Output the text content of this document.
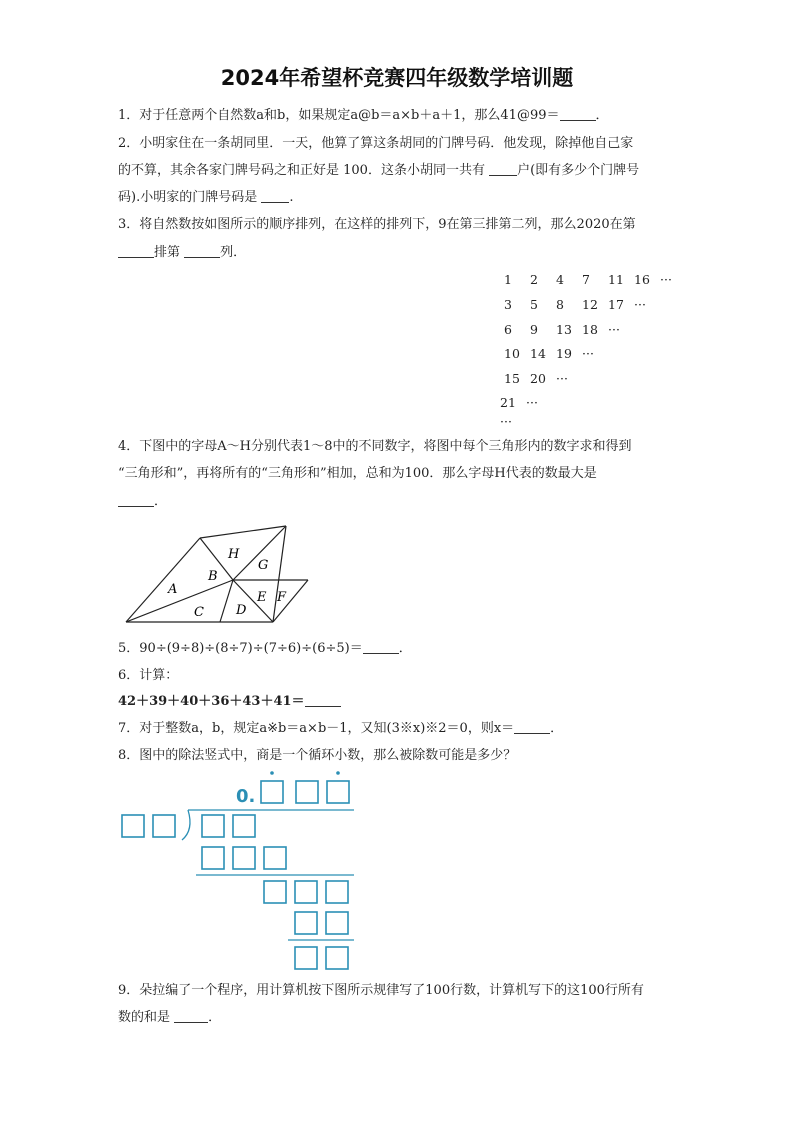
2024年希望杯竞赛四年级数学培训题
1．对于任意两个自然数a和b，如果规定a@b＝a×b＋a＋1，那么41@99＝	．
2．小明家住在一条胡同里．一天，他算了算这条胡同的门牌号码．他发现，除掉他自己家
的不算，其余各家门牌号码之和正好是 100．这条小胡同一共有 户(即有多少个门牌号
码).小明家的门牌号码是 .
3．将自然数按如图所示的顺序排列，在这样的排列下，9在第三排第二列，那么2020在第
排第	列．
1 2 4 7 11 16 ···
3 5 8 12 17 ···
6 9 13 18 ···
10 14 19 ···
15 20 ···
21 ···
···
4．下图中的字母A～H分别代表1～8中的不同数字，将图中每个三角形内的数字求和得到
“三角形和”，再将所有的“三角形和”相加，总和为100．那么字母H代表的数最大是
．
A
B
C D
E F
G
H
5．90÷(9÷8)÷(8÷7)÷(7÷6)÷(6÷5)＝	．
6．计算：
42＋39＋40＋36＋43＋41＝
7．对于整数a，b，规定a※b＝a×b－1，又知(3※x)※2＝0，则x＝	．
8．图中的除法竖式中，商是一个循环小数，那么被除数可能是多少？
0.
9．朵拉编了一个程序，用计算机按下图所示规律写了100行数，计算机写下的这100行所有
数的和是	．
